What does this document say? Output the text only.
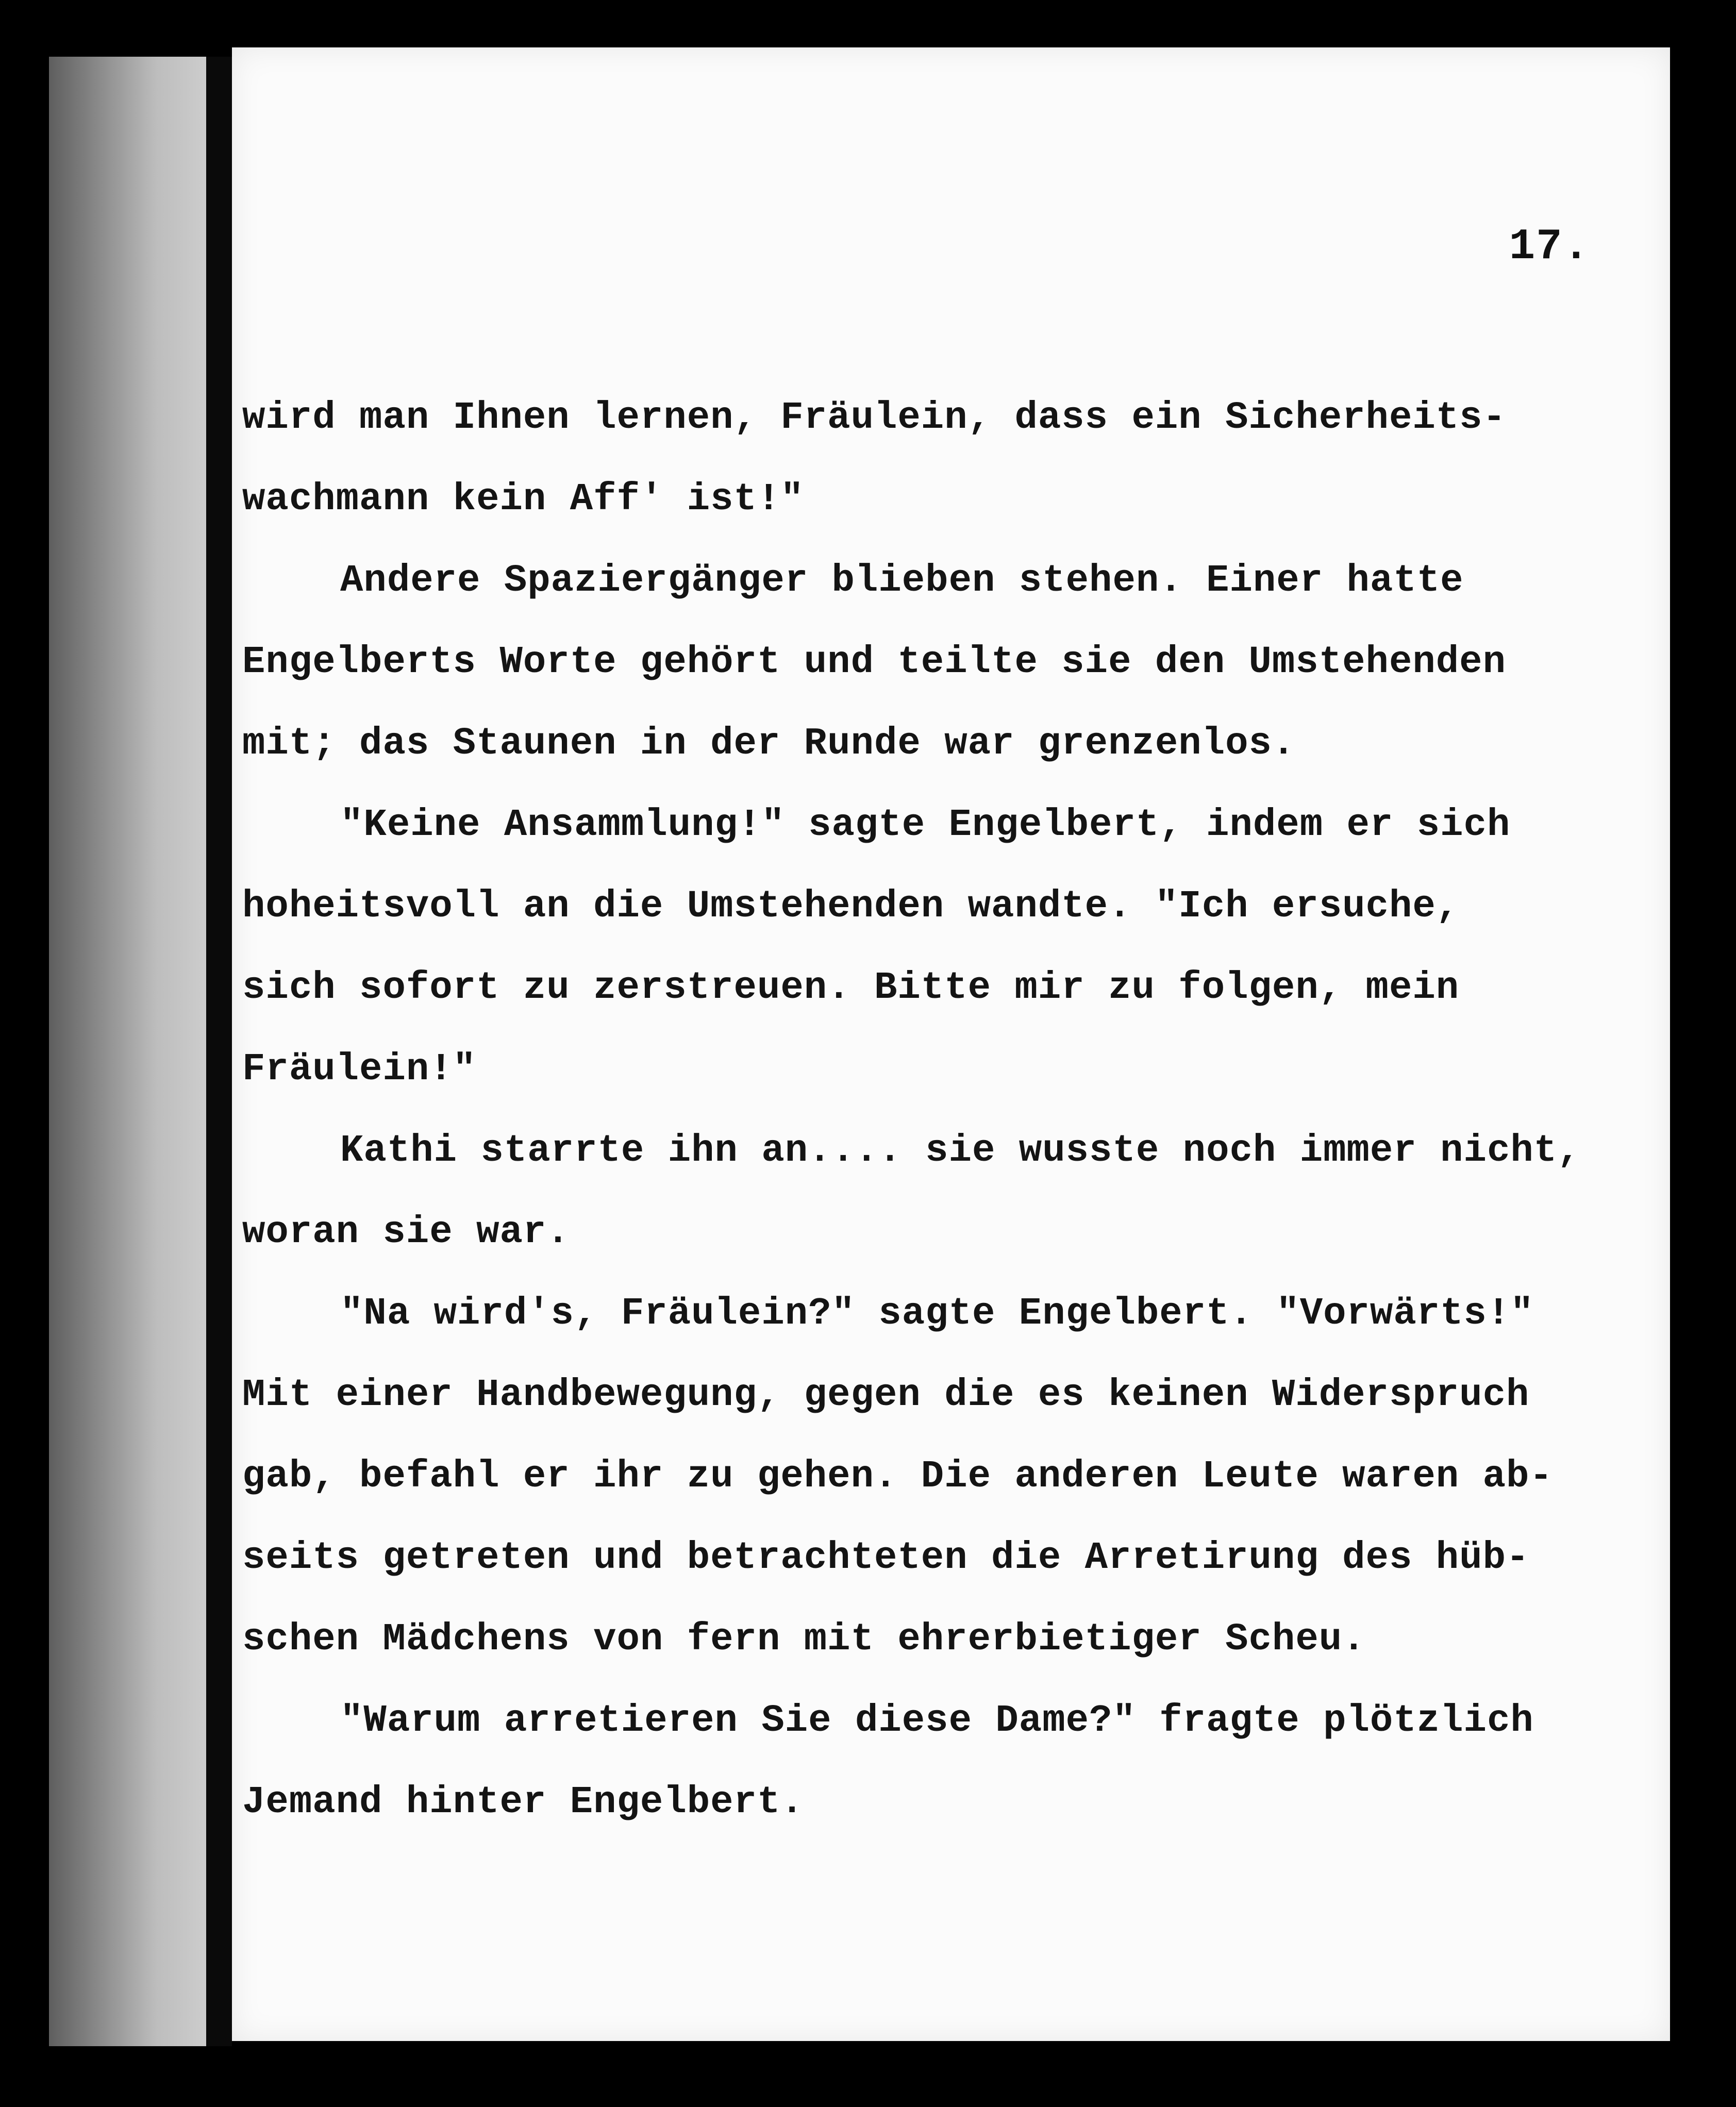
17.
wird man Ihnen lernen, Fräulein, dass ein Sicherheits-
wachmann kein Aff' ist!"
Andere Spaziergänger blieben stehen. Einer hatte
Engelberts Worte gehört und teilte sie den Umstehenden
mit; das Staunen in der Runde war grenzenlos.
"Keine Ansammlung!" sagte Engelbert, indem er sich
hoheitsvoll an die Umstehenden wandte. "Ich ersuche,
sich sofort zu zerstreuen. Bitte mir zu folgen, mein
Fräulein!"
Kathi starrte ihn an.... sie wusste noch immer nicht,
woran sie war.
"Na wird's, Fräulein?" sagte Engelbert. "Vorwärts!"
Mit einer Handbewegung, gegen die es keinen Widerspruch
gab, befahl er ihr zu gehen. Die anderen Leute waren ab-
seits getreten und betrachteten die Arretirung des hüb-
schen Mädchens von fern mit ehrerbietiger Scheu.
"Warum arretieren Sie diese Dame?" fragte plötzlich
Jemand hinter Engelbert.
